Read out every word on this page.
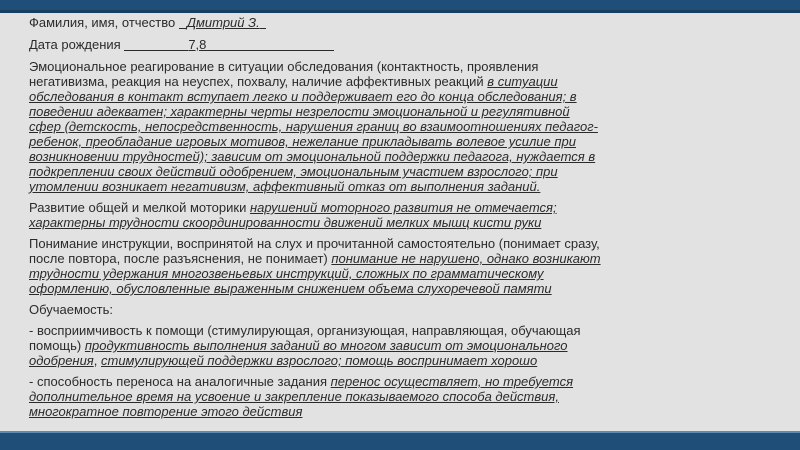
Фамилия, имя, отчество Дмитрий З.

Дата рождения	7,8

Эмоциональное реагирование в ситуации обследования (контактность, проявления
негативизма, реакция на неуспех, похвалу, наличие аффективных реакций в ситуации
обследования в контакт вступает легко и поддерживает его до конца обследования; в
поведении адекватен; характерны черты незрелости эмоциональной и регулятивной
сфер (детскость, непосредственность, нарушения границ во взаимоотношениях педагог-
ребенок, преобладание игровых мотивов, нежелание прикладывать волевое усилие при
возникновении трудностей); зависим от эмоциональной поддержки педагога, нуждается в
подкреплении своих действий одобрением, эмоциональным участием взрослого; при
утомлении возникает негативизм, аффективный отказ от выполнения заданий.
Развитие общей и мелкой моторики нарушений моторного развития не отмечается;
характерны трудности скоординированности движений мелких мышц кисти руки
Понимание инструкции, воспринятой на слух и прочитанной самостоятельно (понимает сразу,
после повтора, после разъяснения, не понимает) понимание не нарушено, однако возникают
трудности удержания многозвеньевых инструкций, сложных по грамматическому
оформлению, обусловленные выраженным снижением объема слухоречевой памяти

Обучаемость:

- восприимчивость к помощи (стимулирующая, организующая, направляющая, обучающая
помощь) продуктивность выполнения заданий во многом зависит от эмоционального
одобрения, стимулирующей поддержки взрослого; помощь воспринимает хорошо
- способность переноса на аналогичные задания перенос осуществляет, но требуется
дополнительное время на усвоение и закрепление показываемого способа действия,
многократное повторение этого действия
